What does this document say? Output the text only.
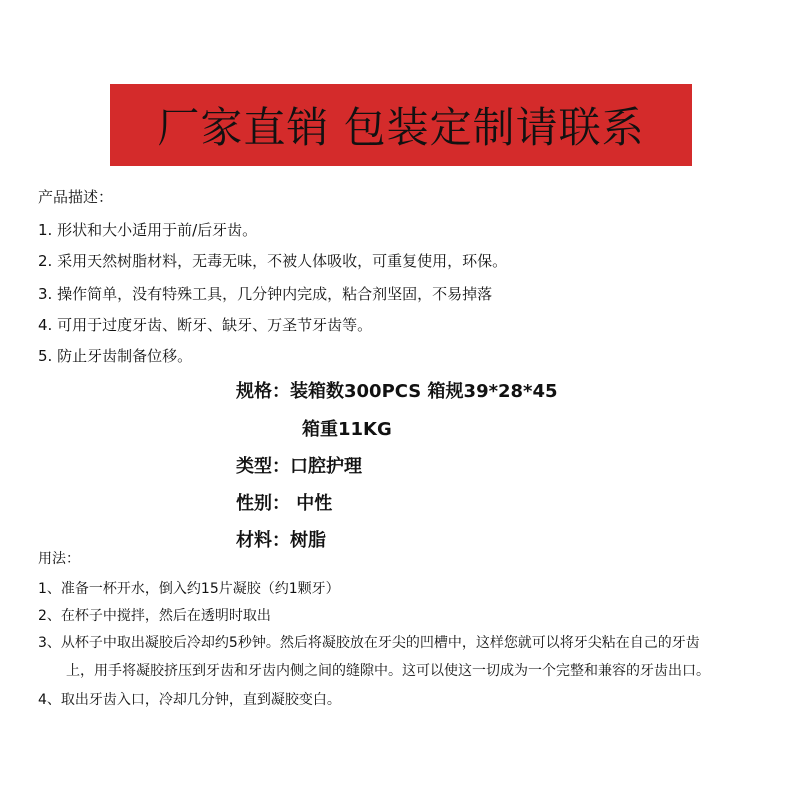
厂家直销 包装定制请联系
产品描述：
1. 形状和大小适用于前/后牙齿。
2. 采用天然树脂材料，无毒无味，不被人体吸收，可重复使用，环保。
3. 操作简单，没有特殊工具，几分钟内完成，粘合剂坚固，不易掉落
4. 可用于过度牙齿、断牙、缺牙、万圣节牙齿等。
5. 防止牙齿制备位移。
规格：装箱数300PCS 箱规39*28*45
箱重11KG
类型：口腔护理
性别： 中性
材料：树脂
用法：
1、准备一杯开水，倒入约15片凝胶（约1颗牙）
2、在杯子中搅拌，然后在透明时取出
3、从杯子中取出凝胶后冷却约5秒钟。然后将凝胶放在牙尖的凹槽中，这样您就可以将牙尖粘在自己的牙齿
上，用手将凝胶挤压到牙齿和牙齿内侧之间的缝隙中。这可以使这一切成为一个完整和兼容的牙齿出口。
4、取出牙齿入口，冷却几分钟，直到凝胶变白。
